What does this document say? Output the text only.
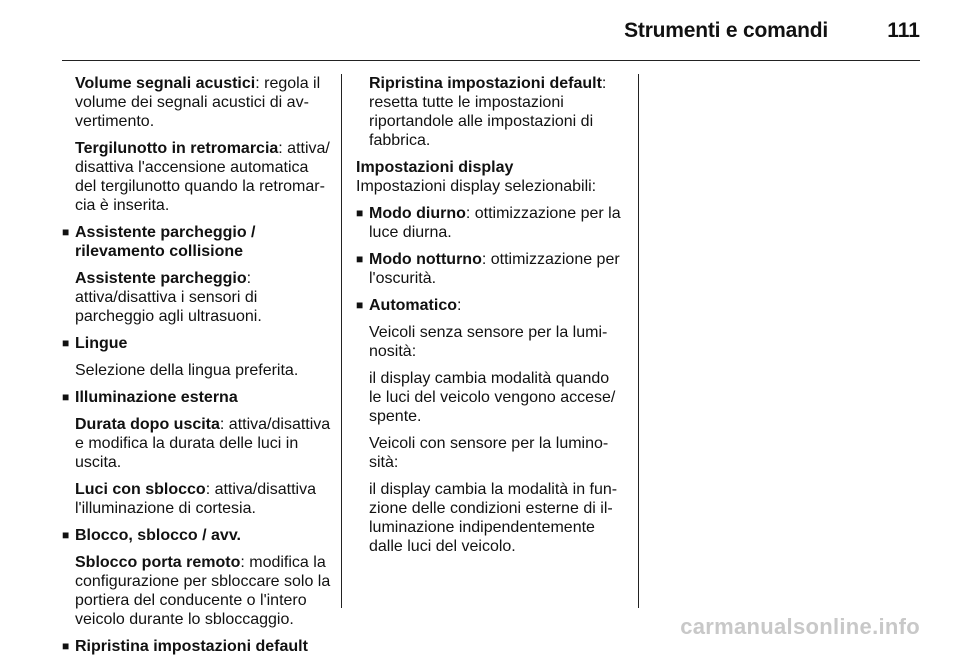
Strumenti e comandi	111

Volume segnali acustici: regola il volume dei segnali acustici di avvertimento.

Tergilunotto in retromarcia: attiva/ disattiva l'accensione automatica del tergilunotto quando la retromarcia è inserita.

■ Assistente parcheggio / rilevamento collisione
Assistente parcheggio: attiva/disattiva i sensori di parcheggio agli ultrasuoni.
■ Lingue
Selezione della lingua preferita.
■ Illuminazione esterna
Durata dopo uscita: attiva/disattiva e modifica la durata delle luci in uscita.
Luci con sblocco: attiva/disattiva l'illuminazione di cortesia.
■ Blocco, sblocco / avv.
Sblocco porta remoto: modifica la configurazione per sbloccare solo la portiera del conducente o l'intero veicolo durante lo sbloccaggio.
■ Ripristina impostazioni default

Ripristina impostazioni default: resetta tutte le impostazioni riportandole alle impostazioni di fabbrica.

Impostazioni display

Impostazioni display selezionabili:

■ Modo diurno: ottimizzazione per la luce diurna.
■ Modo notturno: ottimizzazione per l'oscurità.
■ Automatico:
Veicoli senza sensore per la luminosità:
il display cambia modalità quando le luci del veicolo vengono accese/ spente.
Veicoli con sensore per la luminosità:
il display cambia la modalità in funzione delle condizioni esterne di illuminazione indipendentemente dalle luci del veicolo.
carmanualsonline.info
